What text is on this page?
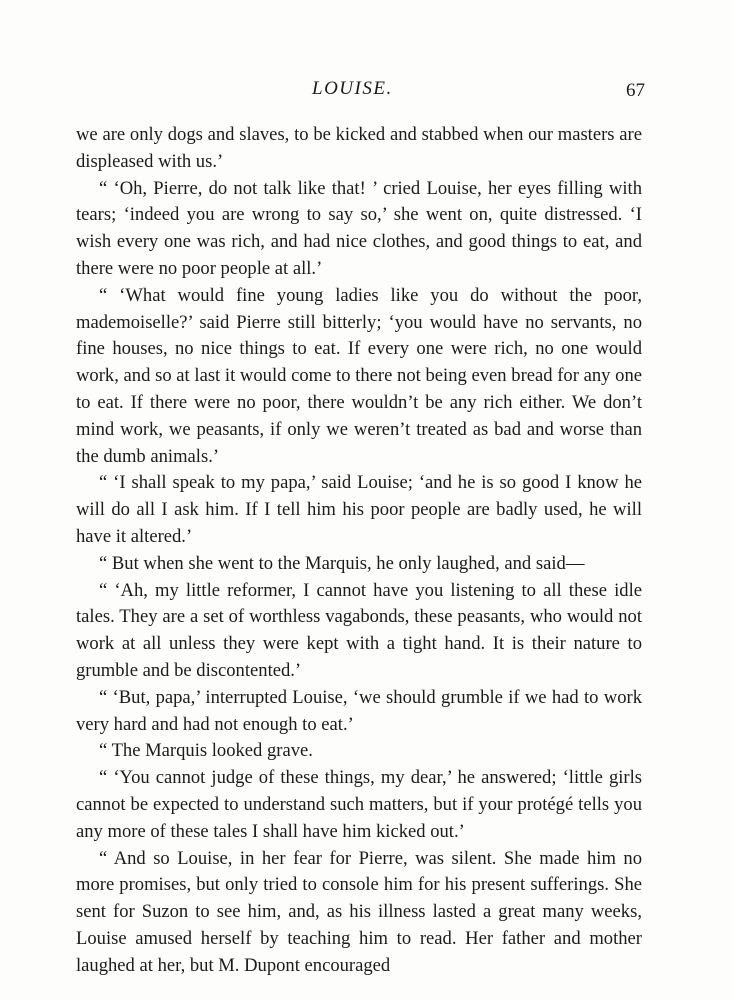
LOUISE.	67

we are only dogs and slaves, to be kicked and stabbed when our masters are displeased with us.’

“ ‘Oh, Pierre, do not talk like that! ’ cried Louise, her eyes filling with tears; ‘indeed you are wrong to say so,’ she went on, quite distressed. ‘I wish every one was rich, and had nice clothes, and good things to eat, and there were no poor people at all.’

“ ‘What would fine young ladies like you do without the poor, mademoiselle?’ said Pierre still bitterly; ‘you would have no servants, no fine houses, no nice things to eat. If every one were rich, no one would work, and so at last it would come to there not being even bread for any one to eat. If there were no poor, there wouldn’t be any rich either. We don’t mind work, we peasants, if only we weren’t treated as bad and worse than the dumb animals.’

“ ‘I shall speak to my papa,’ said Louise; ‘and he is so good I know he will do all I ask him. If I tell him his poor people are badly used, he will have it altered.’

“ But when she went to the Marquis, he only laughed, and said—

“ ‘Ah, my little reformer, I cannot have you listening to all these idle tales. They are a set of worthless vagabonds, these peasants, who would not work at all unless they were kept with a tight hand. It is their nature to grumble and be discontented.’

“ ‘But, papa,’ interrupted Louise, ‘we should grumble if we had to work very hard and had not enough to eat.’

“ The Marquis looked grave.

“ ‘You cannot judge of these things, my dear,’ he answered; ‘little girls cannot be expected to understand such matters, but if your protégé tells you any more of these tales I shall have him kicked out.’

“ And so Louise, in her fear for Pierre, was silent. She made him no more promises, but only tried to console him for his present sufferings. She sent for Suzon to see him, and, as his illness lasted a great many weeks, Louise amused herself by teaching him to read. Her father and mother laughed at her, but M. Dupont encouraged
